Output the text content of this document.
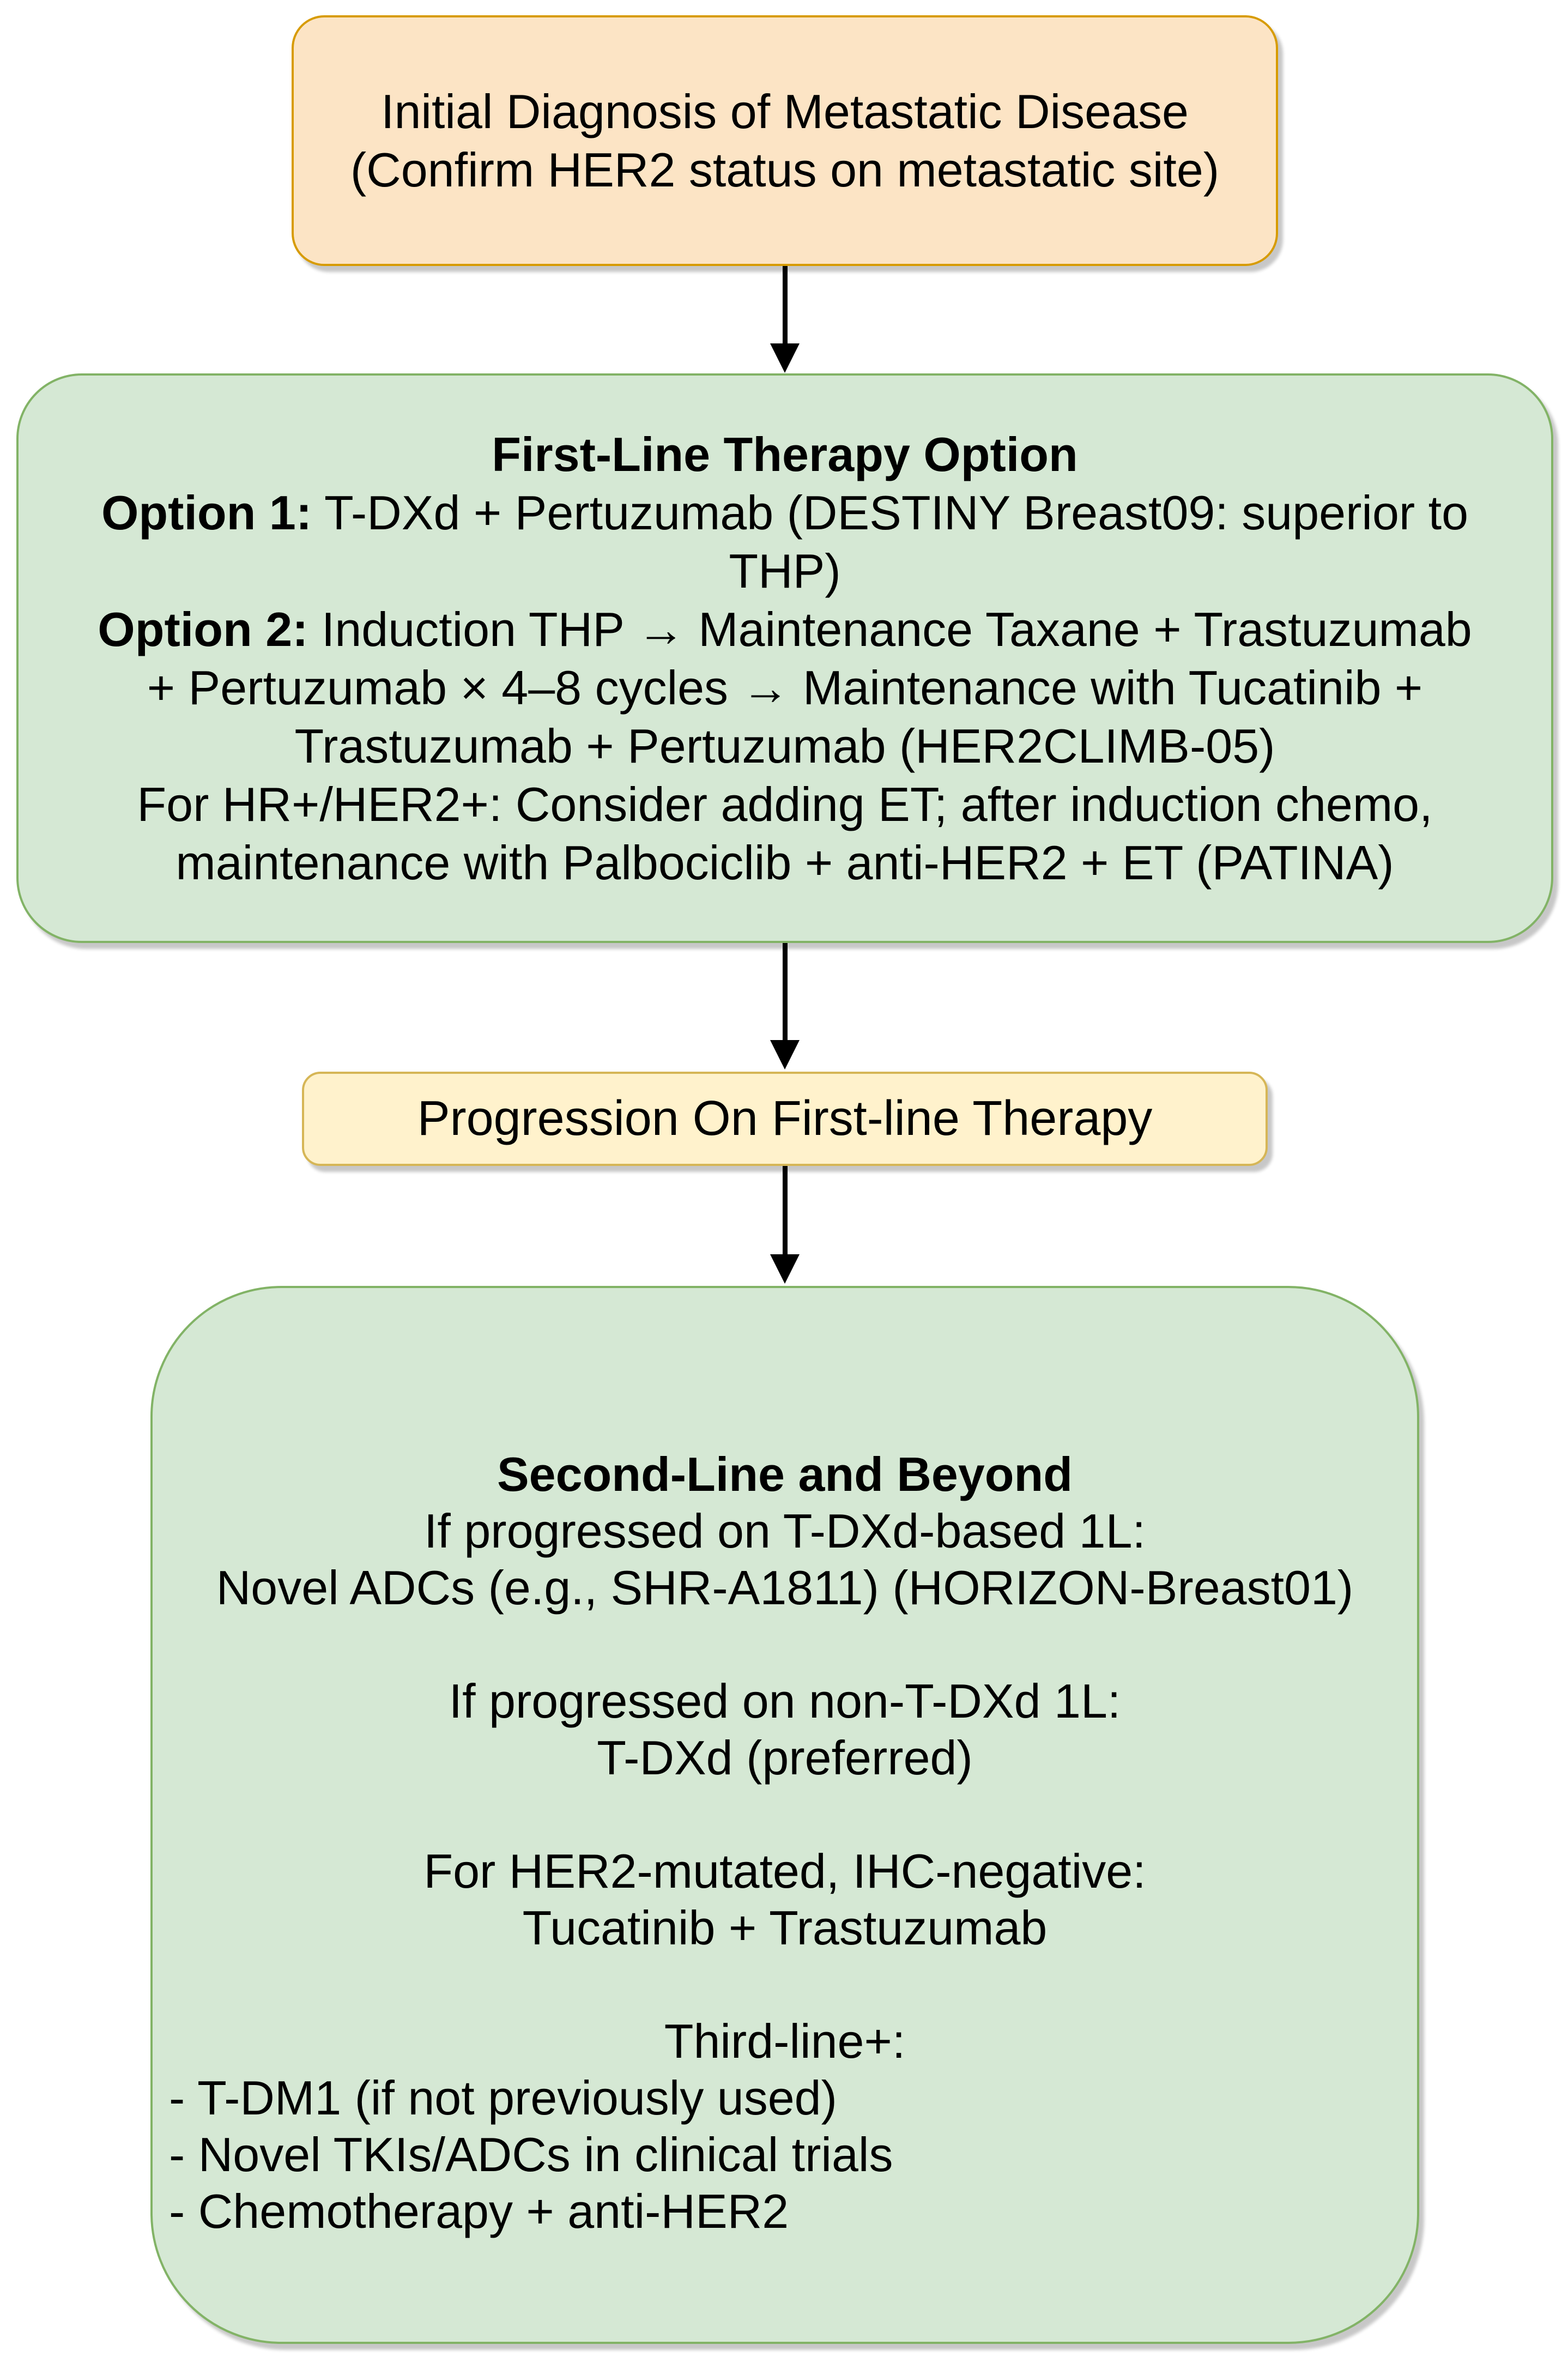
Initial Diagnosis of Metastatic Disease
(Confirm HER2 status on metastatic site)
First-Line Therapy Option
Option 1: T-DXd + Pertuzumab (DESTINY Breast09: superior to
THP)
Option 2: Induction THP → Maintenance Taxane + Trastuzumab
+ Pertuzumab × 4–8 cycles → Maintenance with Tucatinib +
Trastuzumab + Pertuzumab (HER2CLIMB-05)
For HR+/HER2+: Consider adding ET; after induction chemo,
maintenance with Palbociclib + anti-HER2 + ET (PATINA)
Progression On First-line Therapy
Second-Line and Beyond
If progressed on T-DXd-based 1L:
Novel ADCs (e.g., SHR-A1811) (HORIZON-Breast01)

If progressed on non-T-DXd 1L:
T-DXd (preferred)

For HER2-mutated, IHC-negative:
Tucatinib + Trastuzumab

Third-line+:
- T-DM1 (if not previously used)
- Novel TKIs/ADCs in clinical trials
- Chemotherapy + anti-HER2
